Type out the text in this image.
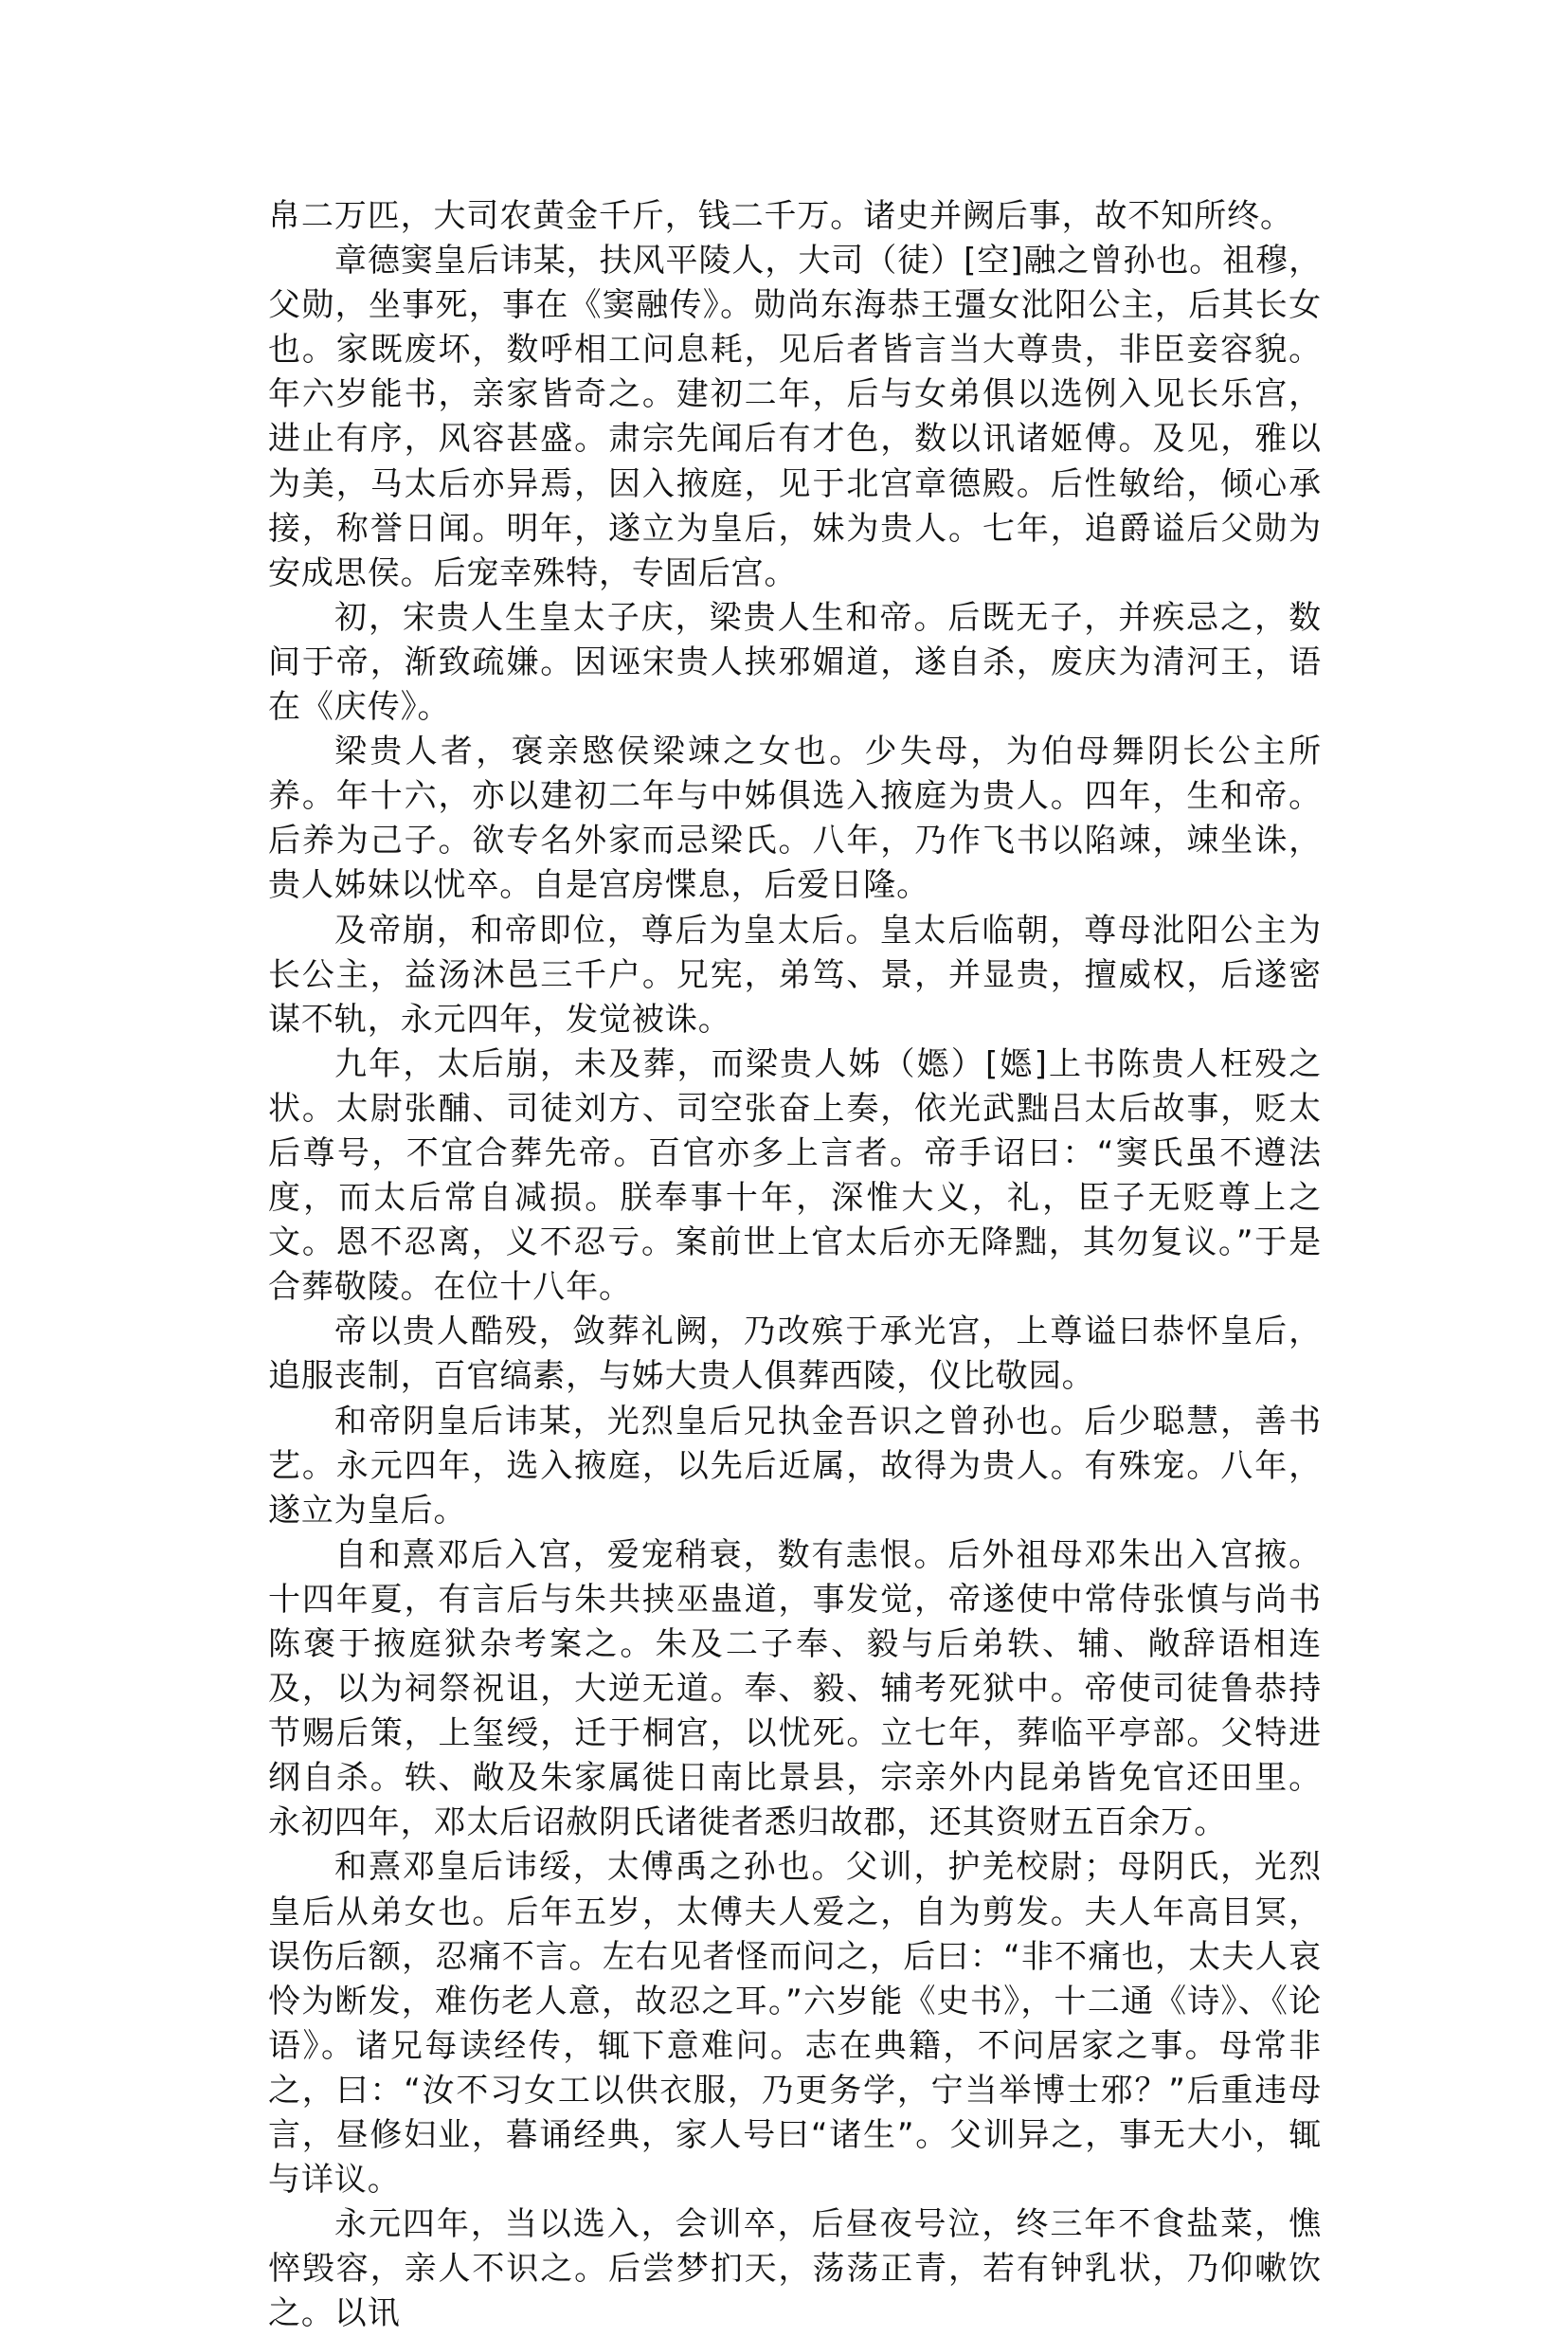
帛二万匹，大司农黄金千斤，钱二千万。诸史并阙后事，故不知所终。

章德窦皇后讳某，扶风平陵人，大司（徒）[空]融之曾孙也。祖穆，父勋，坐事死，事在《窦融传》。勋尚东海恭王彊女沘阳公主，后其长女也。家既废坏，数呼相工问息耗，见后者皆言当大尊贵，非臣妾容貌。年六岁能书，亲家皆奇之。建初二年，后与女弟俱以选例入见长乐宫，进止有序，风容甚盛。肃宗先闻后有才色，数以讯诸姬傅。及见，雅以为美，马太后亦异焉，因入掖庭，见于北宫章德殿。后性敏给，倾心承接，称誉日闻。明年，遂立为皇后，妹为贵人。七年，追爵谥后父勋为安成思侯。后宠幸殊特，专固后宫。

初，宋贵人生皇太子庆，梁贵人生和帝。后既无子，并疾忌之，数间于帝，渐致疏嫌。因诬宋贵人挟邪媚道，遂自杀，废庆为清河王，语在《庆传》。

梁贵人者，褒亲愍侯梁竦之女也。少失母，为伯母舞阴长公主所养。年十六，亦以建初二年与中姊俱选入掖庭为贵人。四年，生和帝。后养为己子。欲专名外家而忌梁氏。八年，乃作飞书以陷竦，竦坐诛，贵人姊妹以忧卒。自是宫房惵息，后爱日隆。

及帝崩，和帝即位，尊后为皇太后。皇太后临朝，尊母沘阳公主为长公主，益汤沐邑三千户。兄宪，弟笃、景，并显贵，擅威权，后遂密谋不轨，永元四年，发觉被诛。

九年，太后崩，未及葬，而梁贵人姊（嫕）[嫕]上书陈贵人枉殁之状。太尉张酺、司徒刘方、司空张奋上奏，依光武黜吕太后故事，贬太后尊号，不宜合葬先帝。百官亦多上言者。帝手诏曰：“窦氏虽不遵法度，而太后常自减损。朕奉事十年，深惟大义，礼，臣子无贬尊上之文。恩不忍离，义不忍亏。案前世上官太后亦无降黜，其勿复议。”于是合葬敬陵。在位十八年。

帝以贵人酷殁，敛葬礼阙，乃改殡于承光宫，上尊谥曰恭怀皇后，追服丧制，百官缟素，与姊大贵人俱葬西陵，仪比敬园。

和帝阴皇后讳某，光烈皇后兄执金吾识之曾孙也。后少聪慧，善书艺。永元四年，选入掖庭，以先后近属，故得为贵人。有殊宠。八年，遂立为皇后。

自和熹邓后入宫，爱宠稍衰，数有恚恨。后外祖母邓朱出入宫掖。十四年夏，有言后与朱共挟巫蛊道，事发觉，帝遂使中常侍张慎与尚书陈褒于掖庭狱杂考案之。朱及二子奉、毅与后弟轶、辅、敞辞语相连及，以为祠祭祝诅，大逆无道。奉、毅、辅考死狱中。帝使司徒鲁恭持节赐后策，上玺绶，迁于桐宫，以忧死。立七年，葬临平亭部。父特进纲自杀。轶、敞及朱家属徙日南比景县，宗亲外内昆弟皆免官还田里。永初四年，邓太后诏赦阴氏诸徙者悉归故郡，还其资财五百余万。

和熹邓皇后讳绥，太傅禹之孙也。父训，护羌校尉；母阴氏，光烈皇后从弟女也。后年五岁，太傅夫人爱之，自为剪发。夫人年高目冥，误伤后额，忍痛不言。左右见者怪而问之，后曰：“非不痛也，太夫人哀怜为断发，难伤老人意，故忍之耳。”六岁能《史书》，十二通《诗》、《论语》。诸兄每读经传，辄下意难问。志在典籍，不问居家之事。母常非之，曰：“汝不习女工以供衣服，乃更务学，宁当举博士邪？”后重违母言，昼修妇业，暮诵经典，家人号曰“诸生”。父训异之，事无大小，辄与详议。

永元四年，当以选入，会训卒，后昼夜号泣，终三年不食盐菜，憔悴毁容，亲人不识之。后尝梦扪天，荡荡正青，若有钟乳状，乃仰嗽饮之。以讯
